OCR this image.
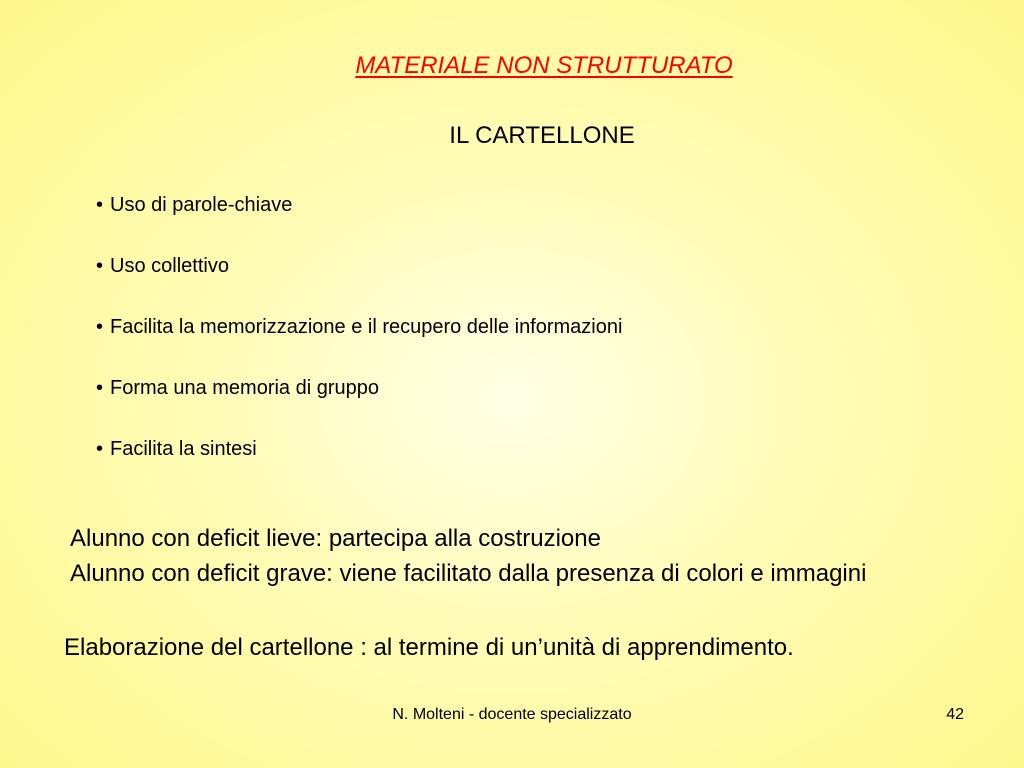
MATERIALE NON STRUTTURATO
IL CARTELLONE
• Uso di parole-chiave
• Uso collettivo
• Facilita la memorizzazione e il recupero delle informazioni
• Forma una memoria di gruppo
• Facilita la sintesi
Alunno con deficit lieve: partecipa alla costruzione
Alunno con deficit grave: viene facilitato dalla presenza di colori e immagini
Elaborazione del cartellone : al termine di un’unità di apprendimento.
N. Molteni - docente specializzato	42
